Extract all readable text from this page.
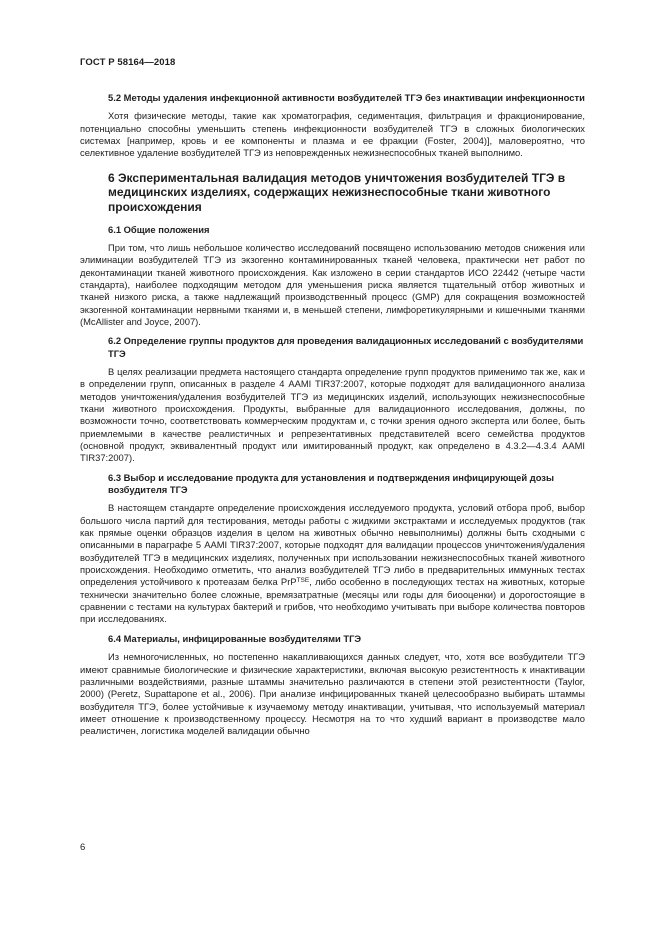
ГОСТ Р 58164—2018
5.2 Методы удаления инфекционной активности возбудителей ТГЭ без инактивации инфекционности

Хотя физические методы, такие как хроматография, седиментация, фильтрация и фракционирование, потенциально способны уменьшить степень инфекционности возбудителей ТГЭ в сложных биологических системах [например, кровь и ее компоненты и плазма и ее фракции (Foster, 2004)], маловероятно, что селективное удаление возбудителей ТГЭ из неповрежденных нежизнеспособных тканей выполнимо.

6 Экспериментальная валидация методов уничтожения возбудителей ТГЭ в медицинских изделиях, содержащих нежизнеспособные ткани животного происхождения
6.1 Общие положения

При том, что лишь небольшое количество исследований посвящено использованию методов снижения или элиминации возбудителей ТГЭ из экзогенно контаминированных тканей человека, практически нет работ по деконтаминации тканей животного происхождения. Как изложено в серии стандартов ИСО 22442 (четыре части стандарта), наиболее подходящим методом для уменьшения риска является тщательный отбор животных и тканей низкого риска, а также надлежащий производственный процесс (GMP) для сокращения возможностей экзогенной контаминации нервными тканями и, в меньшей степени, лимфоретикулярными и кишечными тканями (McAllister and Joyce, 2007).

6.2 Определение группы продуктов для проведения валидационных исследований с возбудителями ТГЭ

В целях реализации предмета настоящего стандарта определение групп продуктов применимо так же, как и в определении групп, описанных в разделе 4 AAMI TIR37:2007, которые подходят для валидационного анализа методов уничтожения/удаления возбудителей ТГЭ из медицинских изделий, использующих нежизнеспособные ткани животного происхождения. Продукты, выбранные для валидационного исследования, должны, по возможности точно, соответствовать коммерческим продуктам и, с точки зрения одного эксперта или более, быть приемлемыми в качестве реалистичных и репрезентативных представителей всего семейства продуктов (основной продукт, эквивалентный продукт или имитированный продукт, как определено в 4.3.2—4.3.4 AAMI TIR37:2007).

6.3 Выбор и исследование продукта для установления и подтверждения инфицирующей дозы возбудителя ТГЭ

В настоящем стандарте определение происхождения исследуемого продукта, условий отбора проб, выбор большого числа партий для тестирования, методы работы с жидкими экстрактами и исследуемых продуктов (так как прямые оценки образцов изделия в целом на животных обычно невыполнимы) должны быть сходными с описанными в параграфе 5 AAMI TIR37:2007, которые подходят для валидации процессов уничтожения/удаления возбудителей ТГЭ в медицинских изделиях, полученных при использовании нежизнеспособных тканей животного происхождения. Необходимо отметить, что анализ возбудителей ТГЭ либо в предварительных иммунных тестах определения устойчивого к протеазам белка PrP$^{TSE}$, либо особенно в последующих тестах на животных, которые технически значительно более сложные, времязатратные (месяцы или годы для биооценки) и дорогостоящие в сравнении с тестами на культурах бактерий и грибов, что необходимо учитывать при выборе количества повторов при исследованиях.

6.4 Материалы, инфицированные возбудителями ТГЭ

Из немногочисленных, но постепенно накапливающихся данных следует, что, хотя все возбудители ТГЭ имеют сравнимые биологические и физические характеристики, включая высокую резистентность к инактивации различными воздействиями, разные штаммы значительно различаются в степени этой резистентности (Taylor, 2000) (Peretz, Supattapone et al., 2006). При анализе инфицированных тканей целесообразно выбирать штаммы возбудителя ТГЭ, более устойчивые к изучаемому методу инактивации, учитывая, что используемый материал имеет отношение к производственному процессу. Несмотря на то что худший вариант в производстве мало реалистичен, логистика моделей валидации обычно

6
